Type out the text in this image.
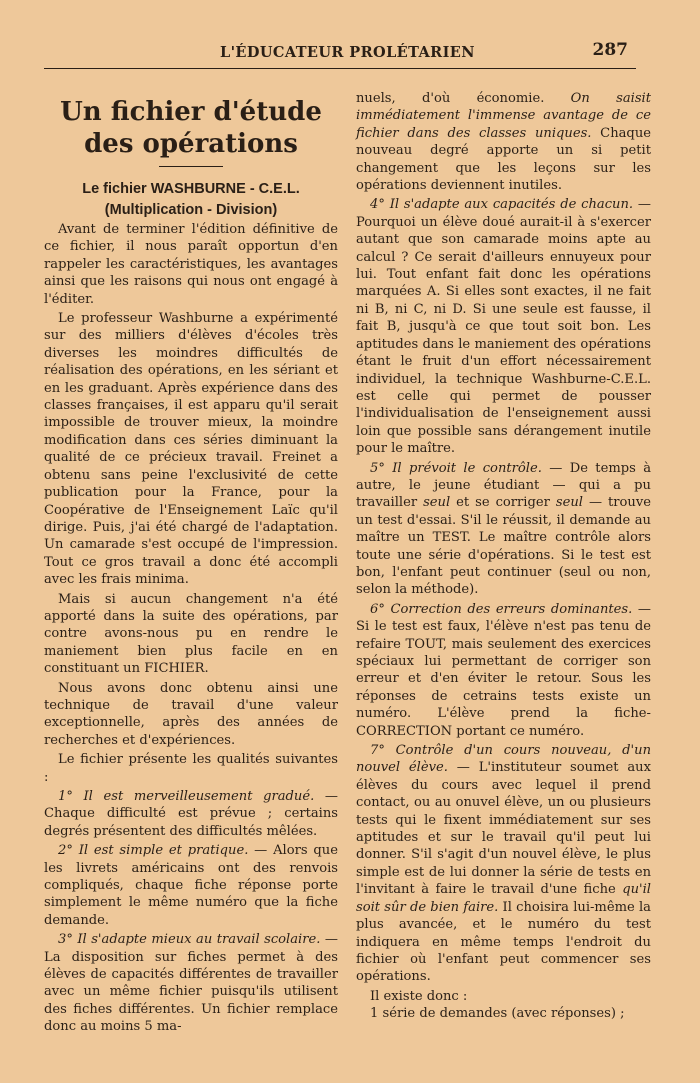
L'ÉDUCATEUR PROLÉTARIEN	287
Un fichier d'étude
des opérations
Le fichier WASHBURNE - C.E.L.
(Multiplication - Division)

Avant de terminer l'édition définitive de ce fichier, il nous paraît opportun d'en rappeler les caractéristiques, les avantages ainsi que les raisons qui nous ont engagé à l'éditer.

Le professeur Washburne a expérimenté sur des milliers d'élèves d'écoles très diverses les moindres difficultés de réalisation des opérations, en les sériant et en les graduant. Après expérience dans des classes françaises, il est apparu qu'il serait impossible de trouver mieux, la moindre modification dans ces séries diminuant la qualité de ce précieux travail. Freinet a obtenu sans peine l'exclusivité de cette publication pour la France, pour la Coopérative de l'Enseignement Laïc qu'il dirige. Puis, j'ai été chargé de l'adaptation. Un camarade s'est occupé de l'impression. Tout ce gros travail a donc été accompli avec les frais minima.

Mais si aucun changement n'a été apporté dans la suite des opérations, par contre avons-nous pu en rendre le maniement bien plus facile en en constituant un FICHIER.

Nous avons donc obtenu ainsi une technique de travail d'une valeur exceptionnelle, après des années de recherches et d'expériences.

Le fichier présente les qualités suivantes :

1° Il est merveilleusement gradué. — Chaque difficulté est prévue ; certains degrés présentent des difficultés mêlées.

2° Il est simple et pratique. — Alors que les livrets américains ont des renvois compliqués, chaque fiche réponse porte simplement le même numéro que la fiche demande.

3° Il s'adapte mieux au travail scolaire. — La disposition sur fiches permet à des élèves de capacités différentes de travailler avec un même fichier puisqu'ils utilisent des fiches différentes. Un fichier remplace donc au moins 5 ma-

nuels, d'où économie. On saisit immédiatement l'immense avantage de ce fichier dans des classes uniques. Chaque nouveau degré apporte un si petit changement que les leçons sur les opérations deviennent inutiles.

4° Il s'adapte aux capacités de chacun. — Pourquoi un élève doué aurait-il à s'exercer autant que son camarade moins apte au calcul ? Ce serait d'ailleurs ennuyeux pour lui. Tout enfant fait donc les opérations marquées A. Si elles sont exactes, il ne fait ni B, ni C, ni D. Si une seule est fausse, il fait B, jusqu'à ce que tout soit bon. Les aptitudes dans le maniement des opérations étant le fruit d'un effort nécessairement individuel, la technique Washburne-C.E.L. est celle qui permet de pousser l'individualisation de l'enseignement aussi loin que possible sans dérangement inutile pour le maître.

5° Il prévoit le contrôle. — De temps à autre, le jeune étudiant — qui a pu travailler seul et se corriger seul — trouve un test d'essai. S'il le réussit, il demande au maître un TEST. Le maître contrôle alors toute une série d'opérations. Si le test est bon, l'enfant peut continuer (seul ou non, selon la méthode).

6° Correction des erreurs dominantes. — Si le test est faux, l'élève n'est pas tenu de refaire TOUT, mais seulement des exercices spéciaux lui permettant de corriger son erreur et d'en éviter le retour. Sous les réponses de cetrains tests existe un numéro. L'élève prend la fiche-CORRECTION portant ce numéro.

7° Contrôle d'un cours nouveau, d'un nouvel élève. — L'instituteur soumet aux élèves du cours avec lequel il prend contact, ou au onuvel élève, un ou plusieurs tests qui le fixent immédiatement sur ses aptitudes et sur le travail qu'il peut lui donner. S'il s'agit d'un nouvel élève, le plus simple est de lui donner la série de tests en l'invitant à faire le travail d'une fiche qu'il soit sûr de bien faire. Il choisira lui-même la plus avancée, et le numéro du test indiquera en même temps l'endroit du fichier où l'enfant peut commencer ses opérations.

Il existe donc :

1 série de demandes (avec réponses) ;
